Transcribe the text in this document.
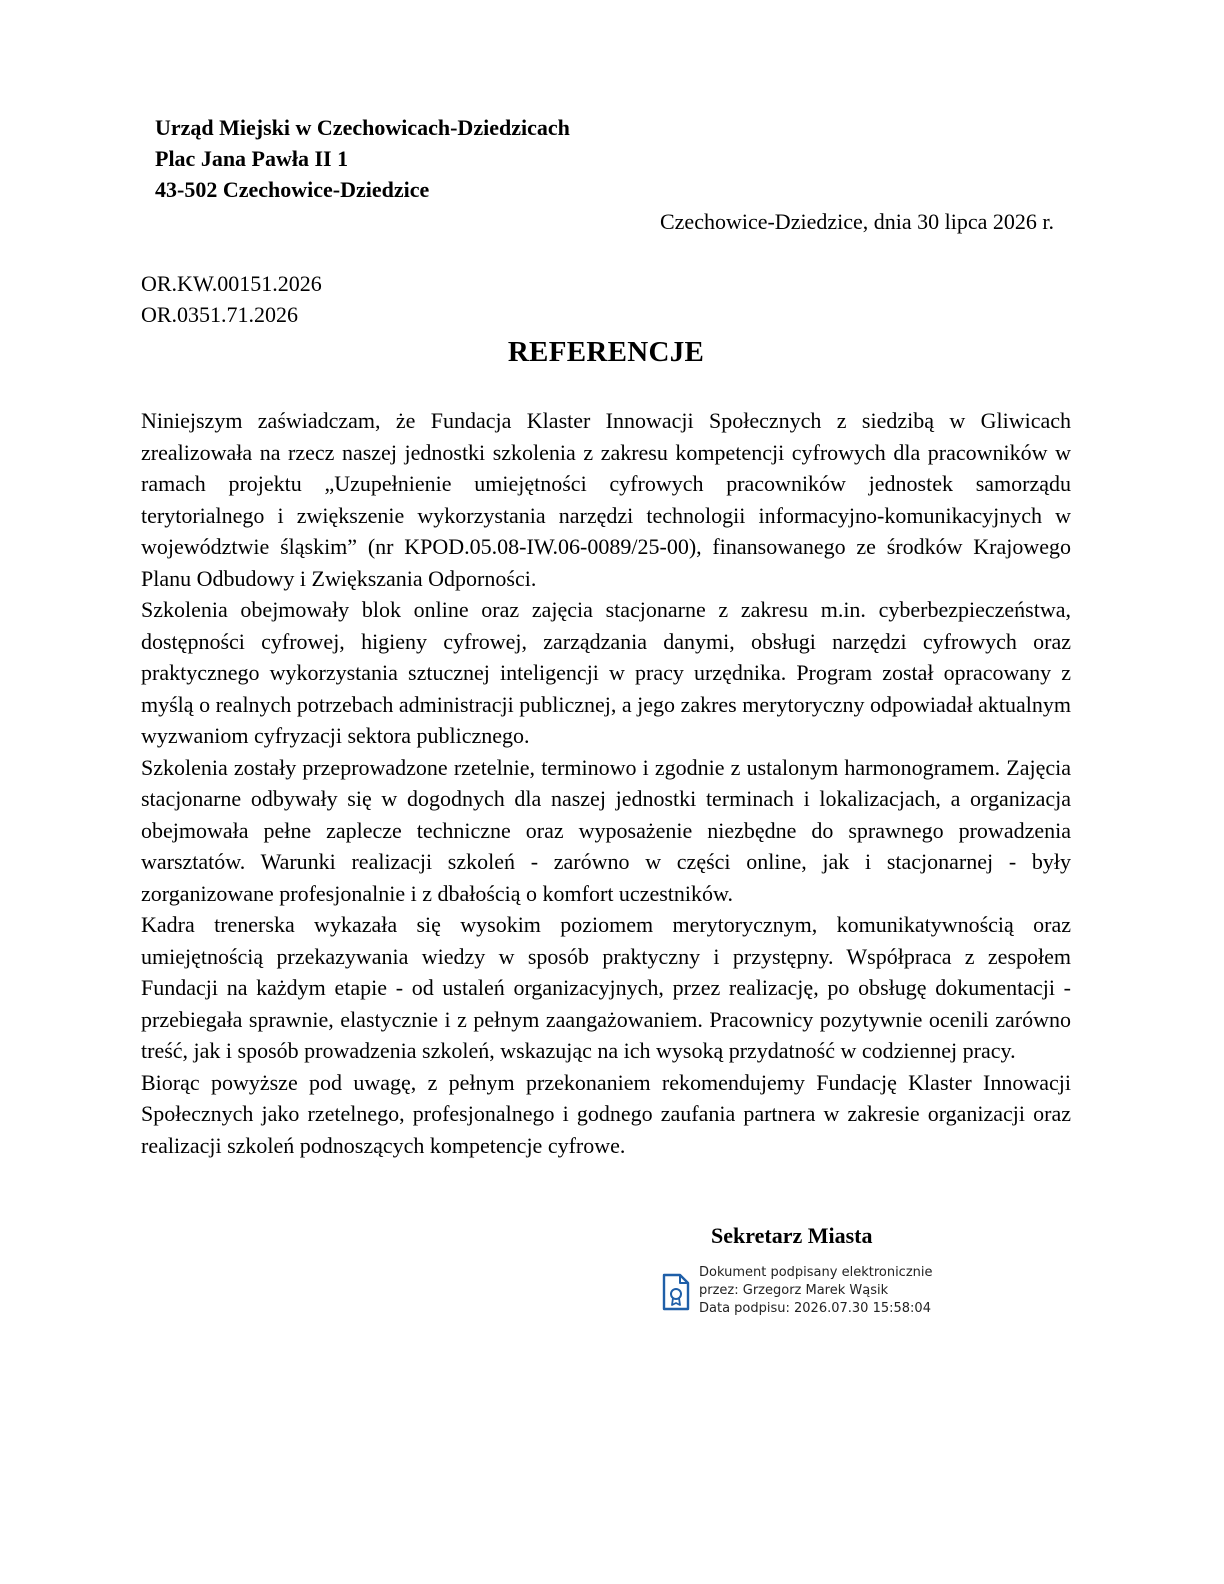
Urząd Miejski w Czechowicach-Dziedzicach
Plac Jana Pawła II 1
43-502 Czechowice-Dziedzice
Czechowice-Dziedzice, dnia 30 lipca 2026 r.
OR.KW.00151.2026
OR.0351.71.2026
REFERENCJE

Niniejszym zaświadczam, że Fundacja Klaster Innowacji Społecznych z siedzibą w Gliwicach zrealizowała na rzecz naszej jednostki szkolenia z zakresu kompetencji cyfrowych dla pracowników w ramach projektu „Uzupełnienie umiejętności cyfrowych pracowników jednostek samorządu terytorialnego i zwiększenie wykorzystania narzędzi technologii informacyjno-komunikacyjnych w województwie śląskim” (nr KPOD.05.08-IW.06-0089/25-00), finansowanego ze środków Krajowego Planu Odbudowy i Zwiększania Odporności.

Szkolenia obejmowały blok online oraz zajęcia stacjonarne z zakresu m.in. cyberbezpieczeństwa, dostępności cyfrowej, higieny cyfrowej, zarządzania danymi, obsługi narzędzi cyfrowych oraz praktycznego wykorzystania sztucznej inteligencji w pracy urzędnika. Program został opracowany z myślą o realnych potrzebach administracji publicznej, a jego zakres merytoryczny odpowiadał aktualnym wyzwaniom cyfryzacji sektora publicznego.

Szkolenia zostały przeprowadzone rzetelnie, terminowo i zgodnie z ustalonym harmonogramem. Zajęcia stacjonarne odbywały się w dogodnych dla naszej jednostki terminach i lokalizacjach, a organizacja obejmowała pełne zaplecze techniczne oraz wyposażenie niezbędne do sprawnego prowadzenia warsztatów. Warunki realizacji szkoleń - zarówno w części online, jak i stacjonarnej - były zorganizowane profesjonalnie i z dbałością o komfort uczestników.

Kadra trenerska wykazała się wysokim poziomem merytorycznym, komunikatywnością oraz umiejętnością przekazywania wiedzy w sposób praktyczny i przystępny. Współpraca z zespołem Fundacji na każdym etapie - od ustaleń organizacyjnych, przez realizację, po obsługę dokumentacji - przebiegała sprawnie, elastycznie i z pełnym zaangażowaniem. Pracownicy pozytywnie ocenili zarówno treść, jak i sposób prowadzenia szkoleń, wskazując na ich wysoką przydatność w codziennej pracy.

Biorąc powyższe pod uwagę, z pełnym przekonaniem rekomendujemy Fundację Klaster Innowacji Społecznych jako rzetelnego, profesjonalnego i godnego zaufania partnera w zakresie organizacji oraz realizacji szkoleń podnoszących kompetencje cyfrowe.

Sekretarz Miasta
Dokument podpisany elektronicznie
przez: Grzegorz Marek Wąsik
Data podpisu: 2026.07.30 15:58:04
